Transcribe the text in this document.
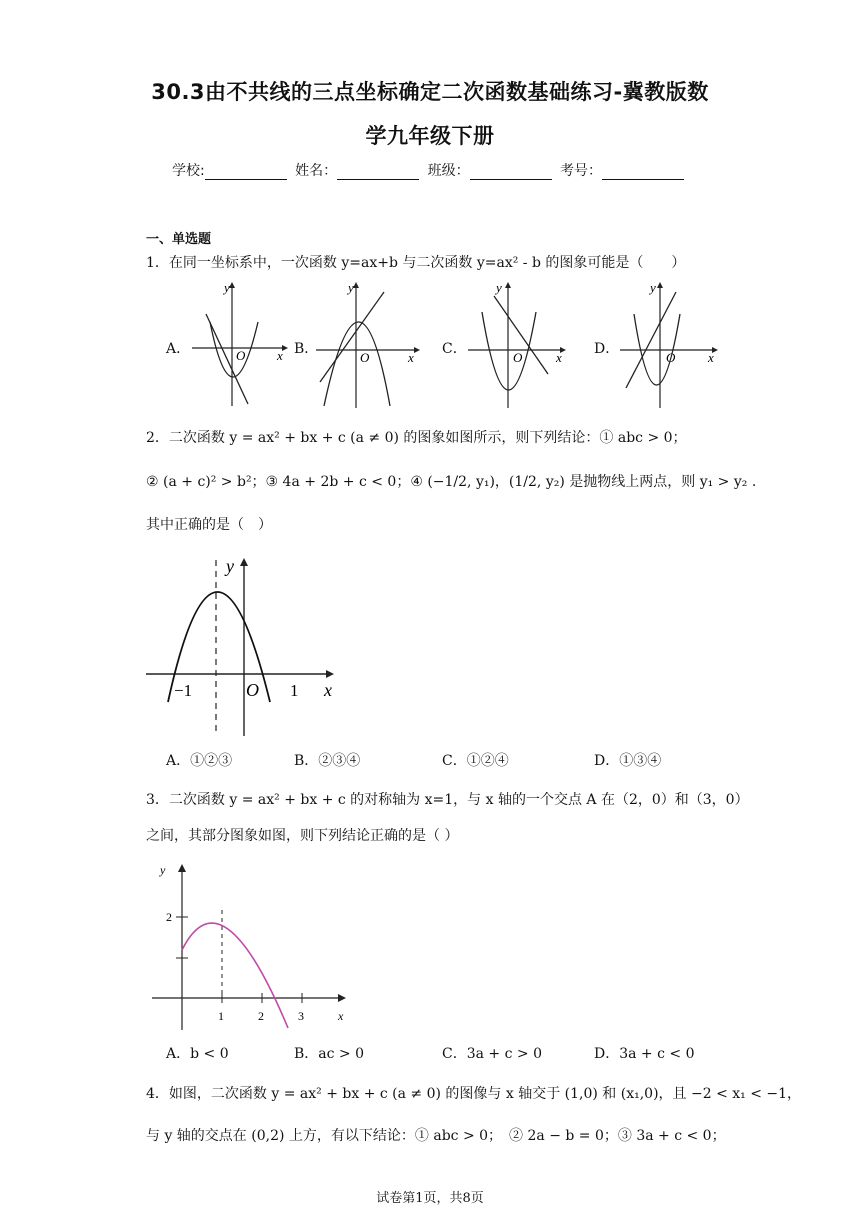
30.3由不共线的三点坐标确定二次函数基础练习-冀教版数
学九年级下册
学校:	姓名：	班级：	考号：
一、单选题
1．在同一坐标系中，一次函数 y=ax+b 与二次函数 y=ax² - b 的图象可能是（　　）
A．
y
x
O	B．
y
x
O
C．
y
x
O
D．
y
x
O
2．二次函数 y = ax² + bx + c (a ≠ 0) 的图象如图所示，则下列结论：① abc > 0；
② (a + c)² > b²；③ 4a + 2b + c < 0；④ (−1/2, y₁)，(1/2, y₂) 是抛物线上两点，则 y₁ > y₂ .
其中正确的是（　）
y
x
O
−1	1
A．①②③	B．②③④	C．①②④	D．①③④
3．二次函数 y = ax² + bx + c 的对称轴为 x=1，与 x 轴的一个交点 A 在（2，0）和（3，0）
之间，其部分图象如图，则下列结论正确的是（ ）
y
x
2
1	2	3
A．b < 0	B．ac > 0	C．3a + c > 0	D．3a + c < 0
4．如图，二次函数 y = ax² + bx + c (a ≠ 0) 的图像与 x 轴交于 (1,0) 和 (x₁,0)，且 −2 < x₁ < −1，
与 y 轴的交点在 (0,2) 上方，有以下结论：① abc > 0；　② 2a − b = 0；③ 3a + c < 0；
试卷第1页，共8页
